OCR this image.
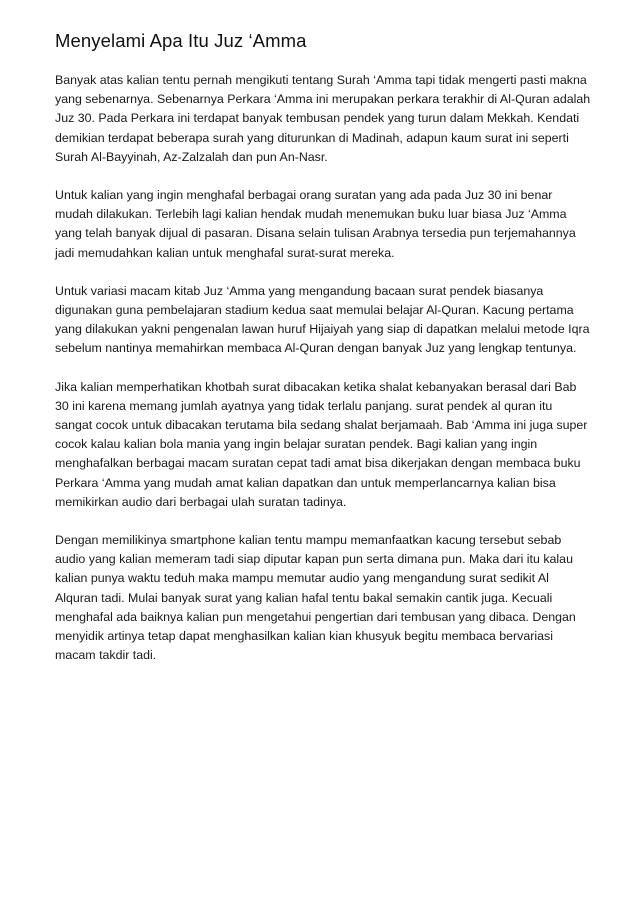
Menyelami Apa Itu Juz ‘Amma

Banyak atas kalian tentu pernah mengikuti tentang Surah ‘Amma tapi tidak mengerti pasti makna yang sebenarnya. Sebenarnya Perkara ‘Amma ini merupakan perkara terakhir di Al-Quran adalah Juz 30. Pada Perkara ini terdapat banyak tembusan pendek yang turun dalam Mekkah. Kendati demikian terdapat beberapa surah yang diturunkan di Madinah, adapun kaum surat ini seperti Surah Al-Bayyinah, Az-Zalzalah dan pun An-Nasr.

Untuk kalian yang ingin menghafal berbagai orang suratan yang ada pada Juz 30 ini benar mudah dilakukan. Terlebih lagi kalian hendak mudah menemukan buku luar biasa Juz ‘Amma yang telah banyak dijual di pasaran. Disana selain tulisan Arabnya tersedia pun terjemahannya jadi memudahkan kalian untuk menghafal surat-surat mereka.

Untuk variasi macam kitab Juz ‘Amma yang mengandung bacaan surat pendek biasanya digunakan guna pembelajaran stadium kedua saat memulai belajar Al-Quran. Kacung pertama yang dilakukan yakni pengenalan lawan huruf Hijaiyah yang siap di dapatkan melalui metode Iqra sebelum nantinya memahirkan membaca Al-Quran dengan banyak Juz yang lengkap tentunya.

Jika kalian memperhatikan khotbah surat dibacakan ketika shalat kebanyakan berasal dari Bab 30 ini karena memang jumlah ayatnya yang tidak terlalu panjang. surat pendek al quran itu sangat cocok untuk dibacakan terutama bila sedang shalat berjamaah. Bab ‘Amma ini juga super cocok kalau kalian bola mania yang ingin belajar suratan pendek. Bagi kalian yang ingin menghafalkan berbagai macam suratan cepat tadi amat bisa dikerjakan dengan membaca buku Perkara ‘Amma yang mudah amat kalian dapatkan dan untuk memperlancarnya kalian bisa memikirkan audio dari berbagai ulah suratan tadinya.

Dengan memilikinya smartphone kalian tentu mampu memanfaatkan kacung tersebut sebab audio yang kalian memeram tadi siap diputar kapan pun serta dimana pun. Maka dari itu kalau kalian punya waktu teduh maka mampu memutar audio yang mengandung surat sedikit Al Alquran tadi. Mulai banyak surat yang kalian hafal tentu bakal semakin cantik juga. Kecuali menghafal ada baiknya kalian pun mengetahui pengertian dari tembusan yang dibaca. Dengan menyidik artinya tetap dapat menghasilkan kalian kian khusyuk begitu membaca bervariasi macam takdir tadi.
